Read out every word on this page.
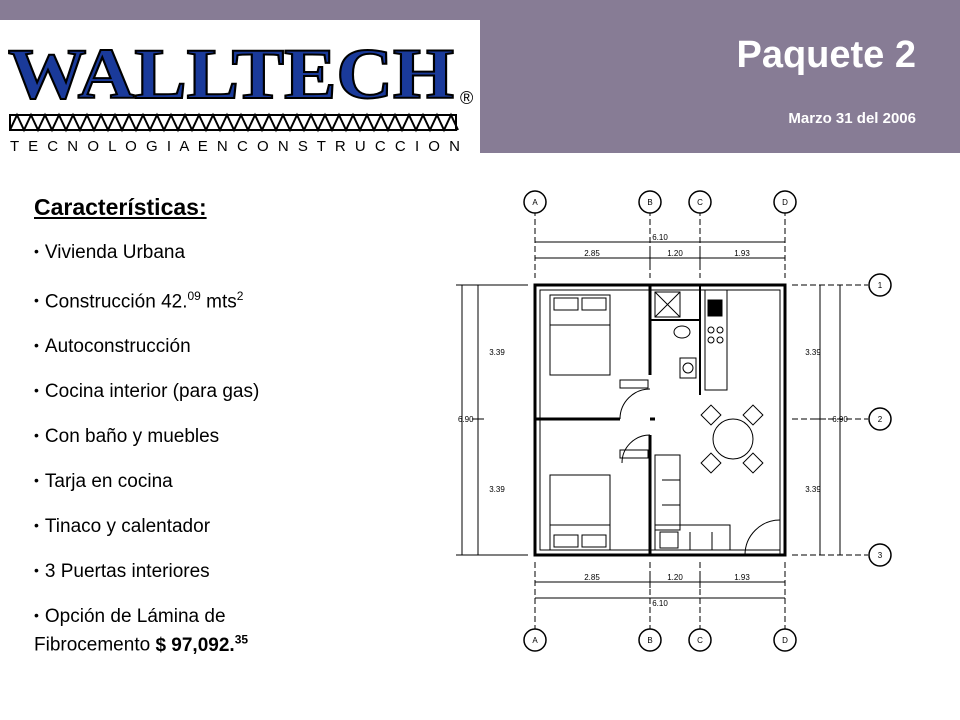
WALLTECH ®
T E C N O L O G I A E N C O N S T R U C C I O N
Paquete 2
Marzo 31 del 2006
Características:
• Vivienda Urbana
• Construcción 42.09 mts$^2$
• Autoconstrucción
• Cocina interior (para gas)
• Con baño y muebles
• Tarja en cocina
• Tinaco y calentador
• 3 Puertas interiores
• Opción de Lámina de Fibrocemento $ 97,092.35
A	B	C	D
A	B	C	D
1
2
3
6.10
2.85	1.20	1.93
2.85	1.20	1.93
6.10
6.90
3.39
3.39
3.39
3.39
6.90
